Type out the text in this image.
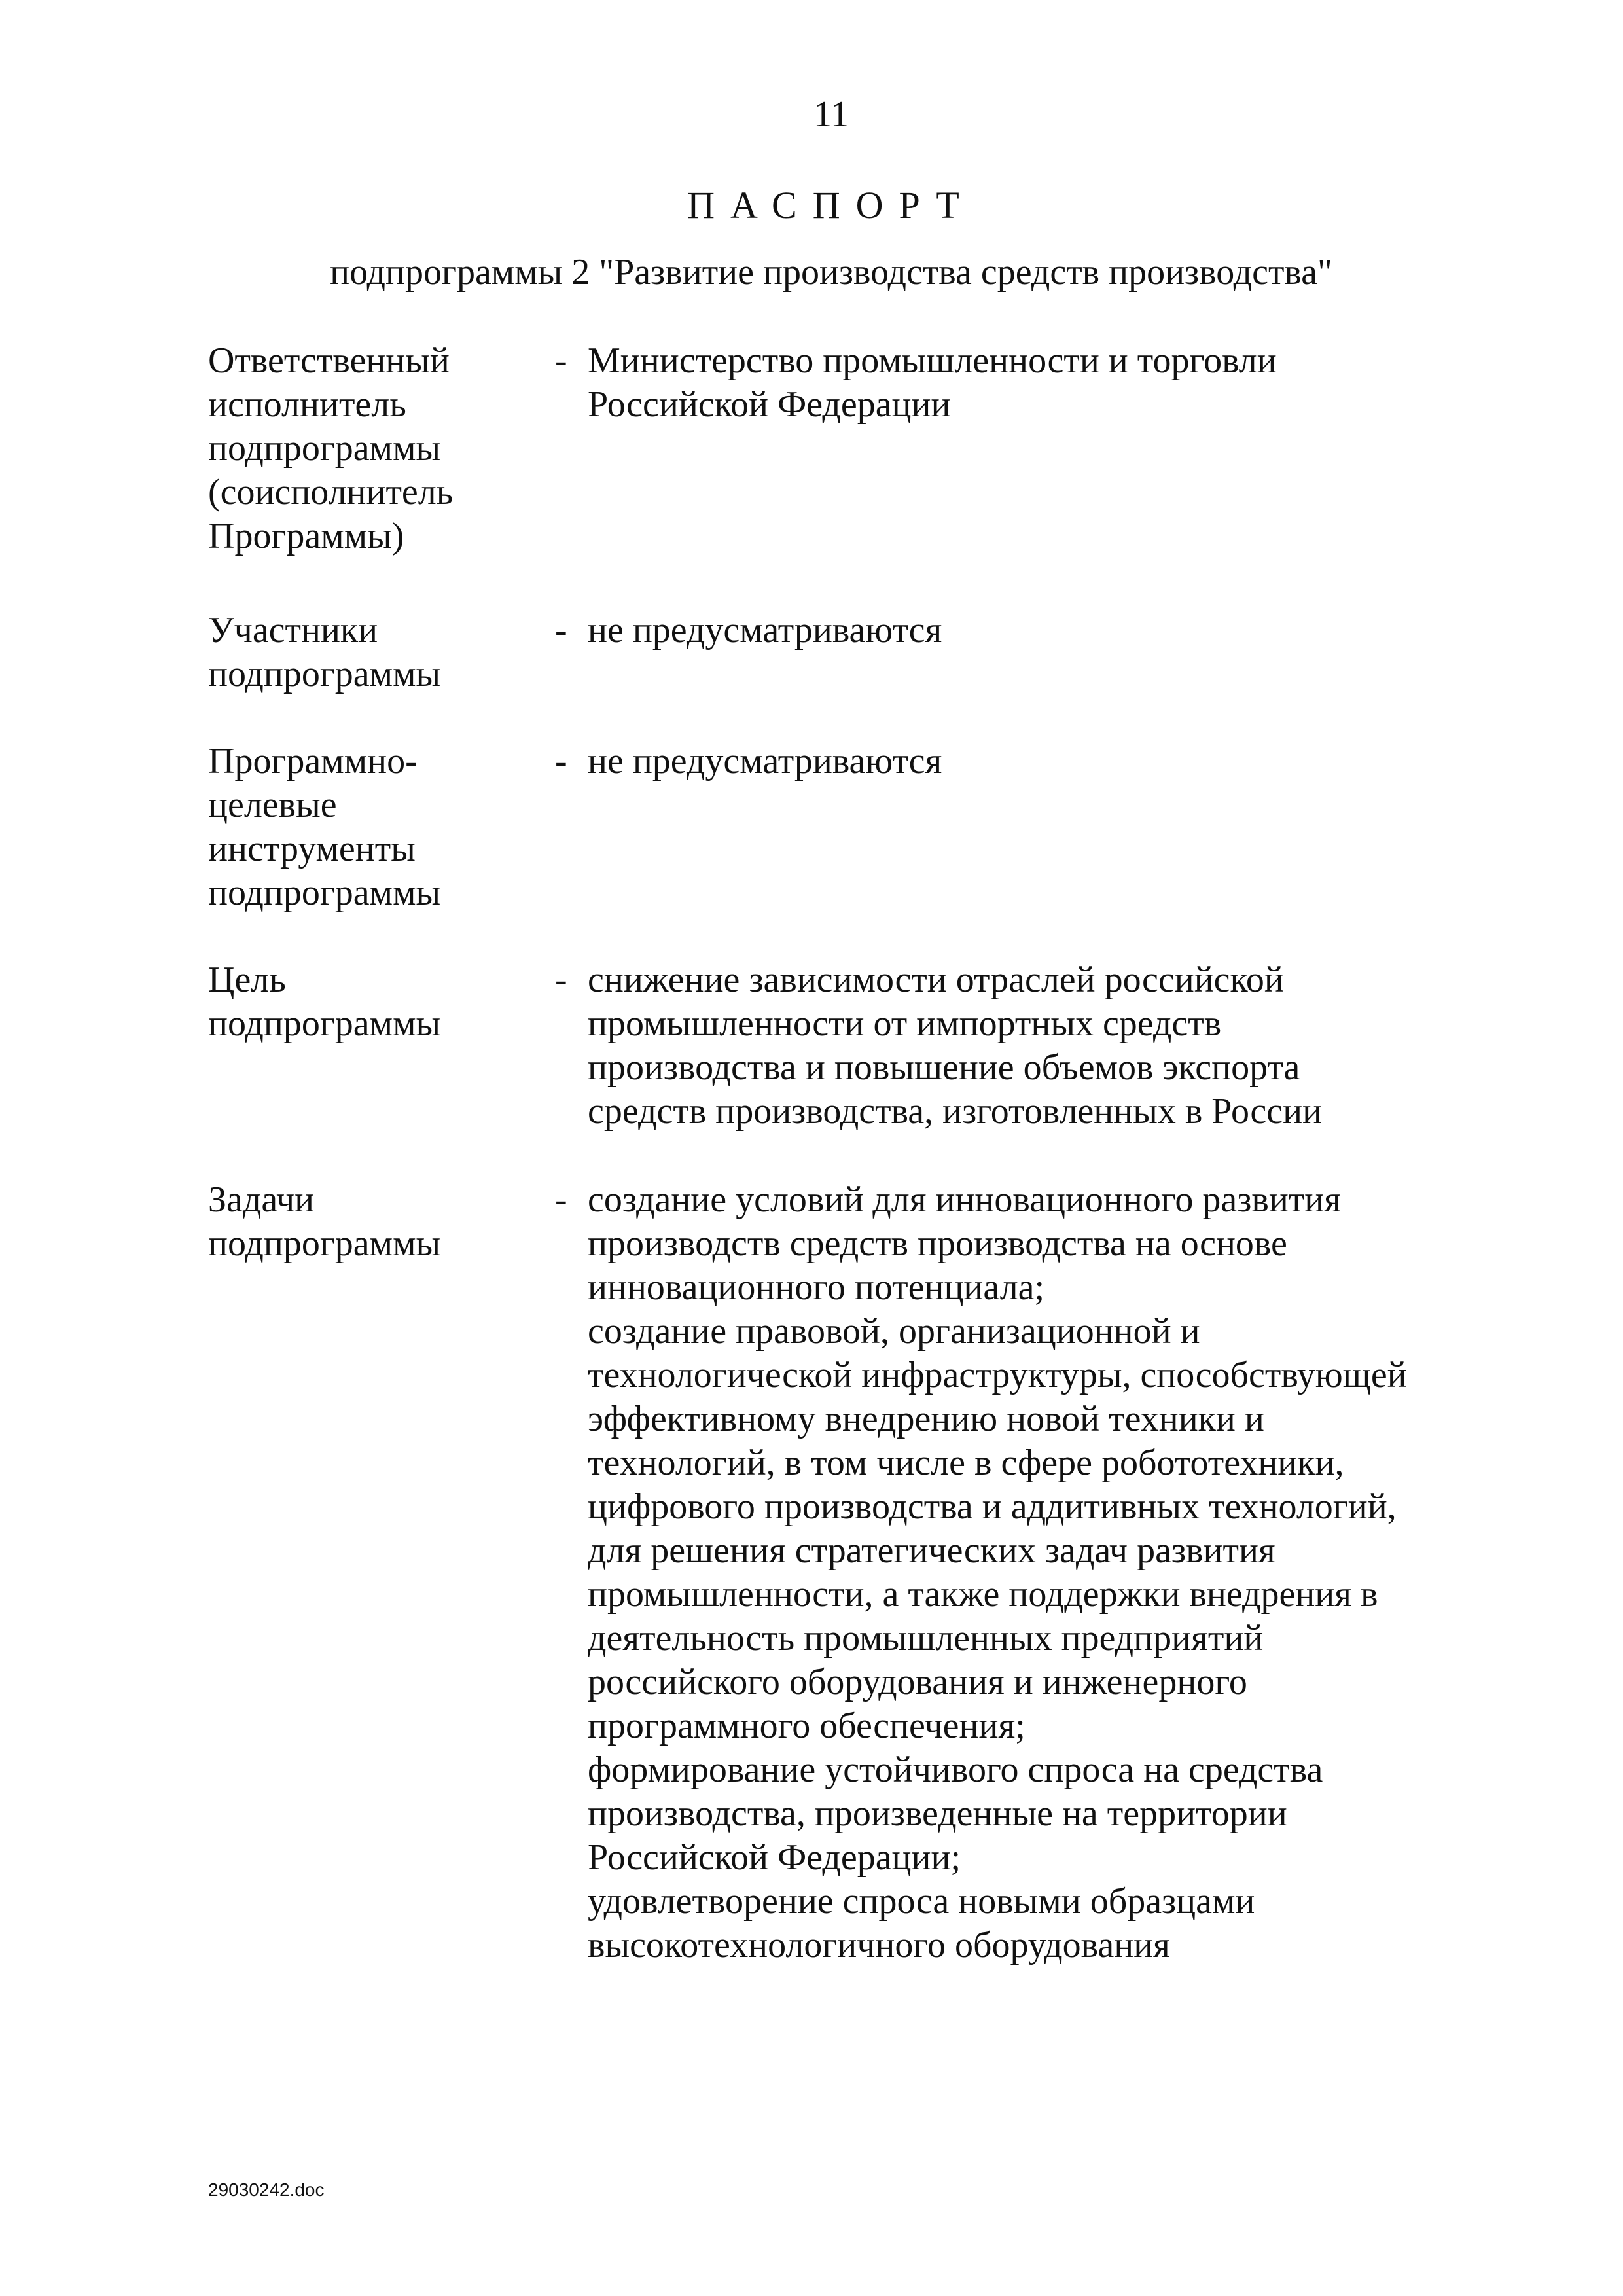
11
ПАСПОРТ
подпрограммы 2 "Развитие производства средств производства"
Ответственный
исполнитель
подпрограммы
(соисполнитель
Программы)
- Министерство промышленности и торговли
Российской Федерации
Участники
подпрограммы
- не предусматриваются
Программно-
целевые
инструменты
подпрограммы
- не предусматриваются
Цель
подпрограммы
- снижение зависимости отраслей российской
промышленности от импортных средств
производства и повышение объемов экспорта
средств производства, изготовленных в России
Задачи
подпрограммы
- создание условий для инновационного развития
производств средств производства на основе
инновационного потенциала;
создание правовой, организационной и
технологической инфраструктуры, способствующей
эффективному внедрению новой техники и
технологий, в том числе в сфере робототехники,
цифрового производства и аддитивных технологий,
для решения стратегических задач развития
промышленности, а также поддержки внедрения в
деятельность промышленных предприятий
российского оборудования и инженерного
программного обеспечения;
формирование устойчивого спроса на средства
производства, произведенные на территории
Российской Федерации;
удовлетворение спроса новыми образцами
высокотехнологичного оборудования
29030242.doc
